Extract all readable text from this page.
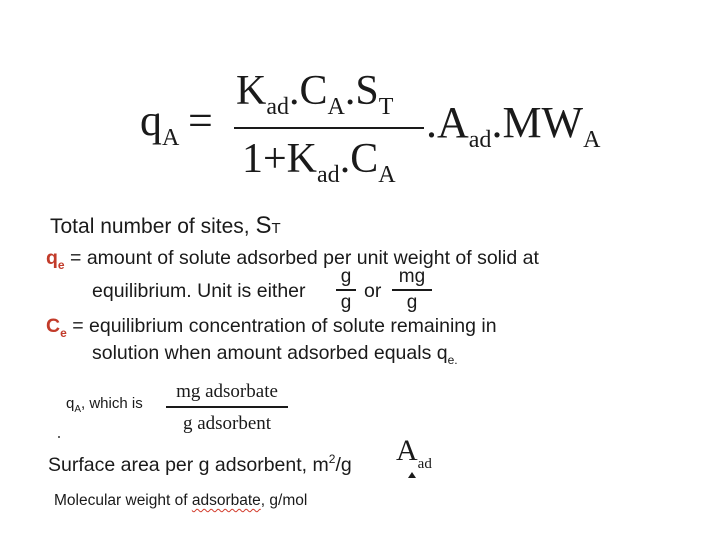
$q_A$ =
$K_{ad}.C_A.S_T$
$1+K_{ad}.C_A$
$.A_{ad}.MW_A$
Total number of sites, ST
$q_e$ = amount of solute adsorbed per unit weight of solid at
equilibrium. Unit is either
g
g or
mg
g
$C_e$ = equilibrium concentration of solute remaining in
solution when amount adsorbed equals $q_{e.}$
$q_A$, which is
mg adsorbate
g adsorbent
Surface area per g adsorbent, $m^2/g$ $A_{ad}$
Molecular weight of adsorbate, g/mol
